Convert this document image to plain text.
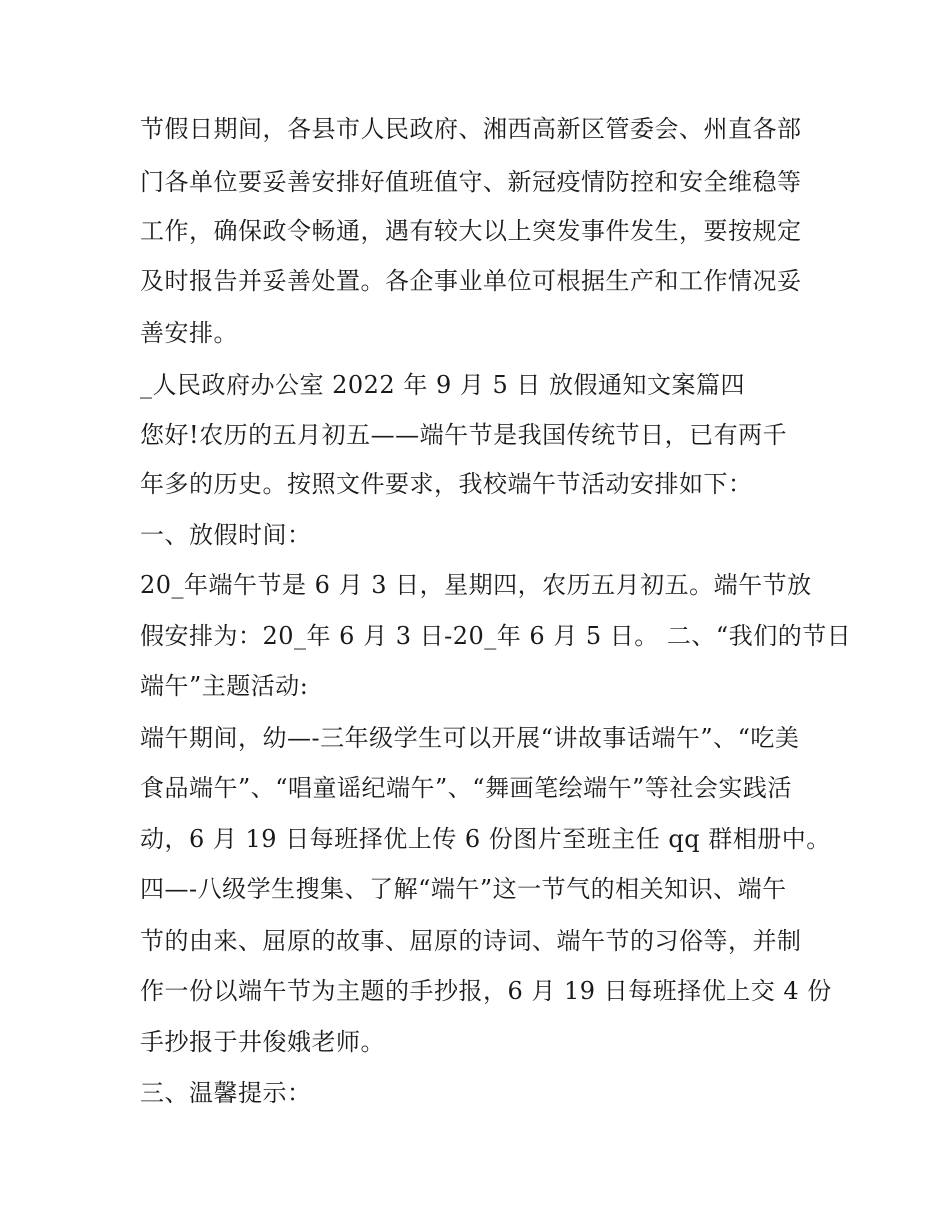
节假日期间，各县市人民政府、湘西高新区管委会、州直各部
门各单位要妥善安排好值班值守、新冠疫情防控和安全维稳等
工作，确保政令畅通，遇有较大以上突发事件发生，要按规定
及时报告并妥善处置。各企事业单位可根据生产和工作情况妥
善安排。
_人民政府办公室 2022 年 9 月 5 日 放假通知文案篇四
您好!农历的五月初五——端午节是我国传统节日，已有两千
年多的历史。按照文件要求，我校端午节活动安排如下：
一、放假时间：
20_年端午节是 6 月 3 日，星期四，农历五月初五。端午节放
假安排为：20_年 6 月 3 日-20_年 6 月 5 日。 二、“我们的节日
端午”主题活动:
端午期间，幼—-三年级学生可以开展“讲故事话端午”、“吃美
食品端午”、“唱童谣纪端午”、“舞画笔绘端午”等社会实践活
动，6 月 19 日每班择优上传 6 份图片至班主任 qq 群相册中。
四—-八级学生搜集、了解“端午”这一节气的相关知识、端午
节的由来、屈原的故事、屈原的诗词、端午节的习俗等，并制
作一份以端午节为主题的手抄报，6 月 19 日每班择优上交 4 份
手抄报于井俊娥老师。
三、温馨提示：
